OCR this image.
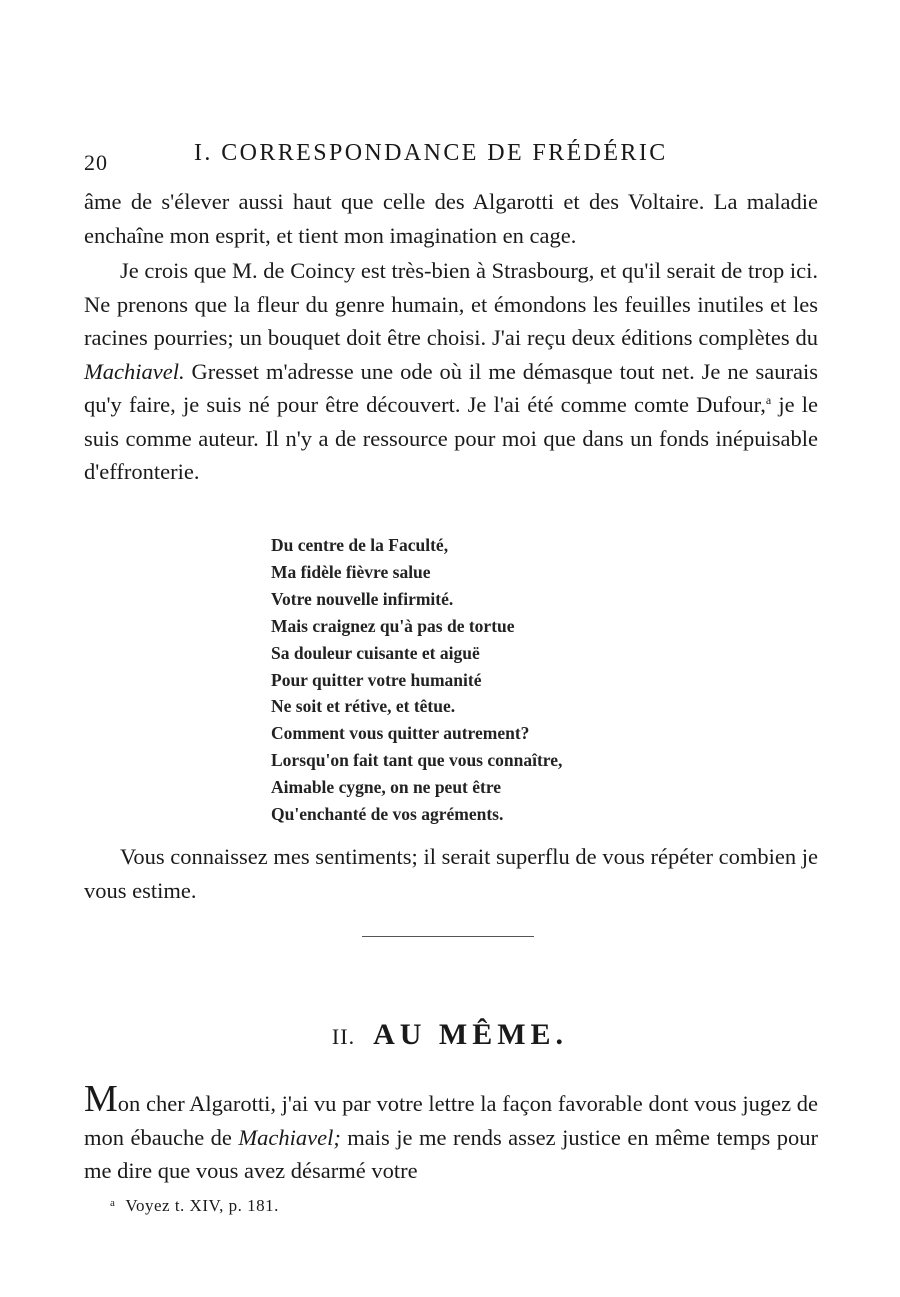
20	I. CORRESPONDANCE DE FRÉDÉRIC

âme de s'élever aussi haut que celle des Algarotti et des Voltaire. La maladie enchaîne mon esprit, et tient mon imagination en cage.

Je crois que M. de Coincy est très-bien à Strasbourg, et qu'il serait de trop ici. Ne prenons que la fleur du genre humain, et émondons les feuilles inutiles et les racines pourries; un bouquet doit être choisi. J'ai reçu deux éditions complètes du Machiavel. Gresset m'adresse une ode où il me démasque tout net. Je ne saurais qu'y faire, je suis né pour être découvert. Je l'ai été comme comte Dufour,$^a$ je le suis comme auteur. Il n'y a de ressource pour moi que dans un fonds inépuisable d'effronterie.

Du centre de la Faculté,
Ma fidèle fièvre salue
Votre nouvelle infirmité.
Mais craignez qu'à pas de tortue
Sa douleur cuisante et aiguë
Pour quitter votre humanité
Ne soit et rétive, et têtue.
Comment vous quitter autrement?
Lorsqu'on fait tant que vous connaître,
Aimable cygne, on ne peut être
Qu'enchanté de vos agréments.

Vous connaissez mes sentiments; il serait superflu de vous répéter combien je vous estime.

II. AU MÊME.

Mon cher Algarotti, j'ai vu par votre lettre la façon favorable dont vous jugez de mon ébauche de Machiavel; mais je me rends assez justice en même temps pour me dire que vous avez désarmé votre

$^a$ Voyez t. XIV, p. 181.
